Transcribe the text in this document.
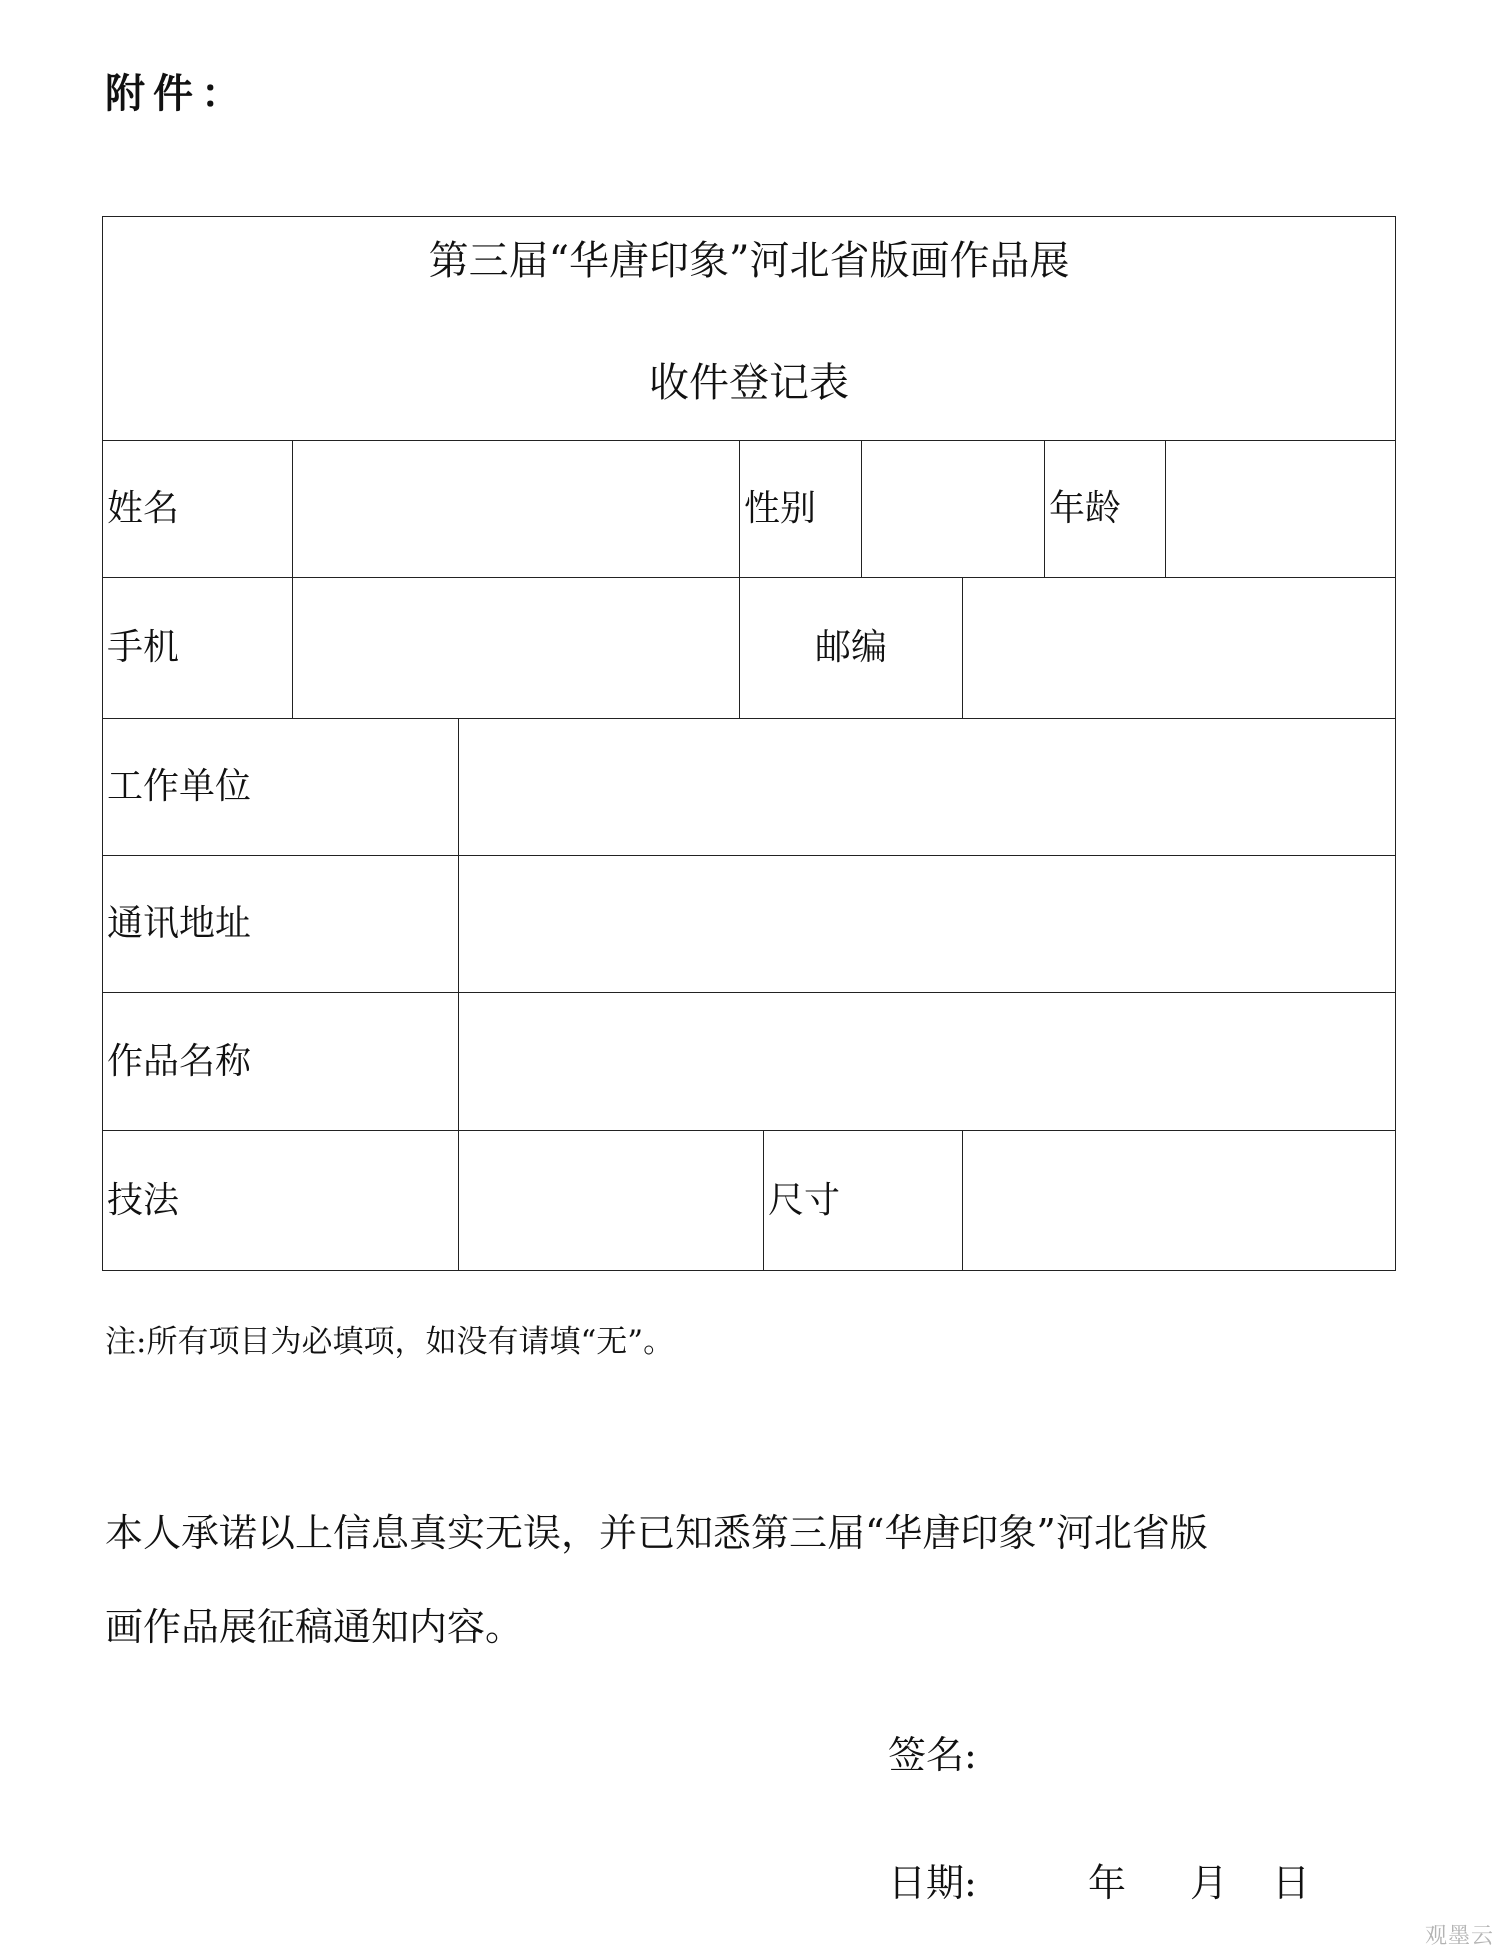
附件：
第三届“华唐印象”河北省版画作品展
收件登记表								

姓名			性别				年龄	
手机			邮编					
工作单位								
通讯地址								
作品名称								
技法				尺寸				
注:所有项目为必填项，如没有请填“无”。
本人承诺以上信息真实无误，并已知悉第三届“华唐印象”河北省版
画作品展征稿通知内容。
签名:
日期:	年 月 日
观墨云
